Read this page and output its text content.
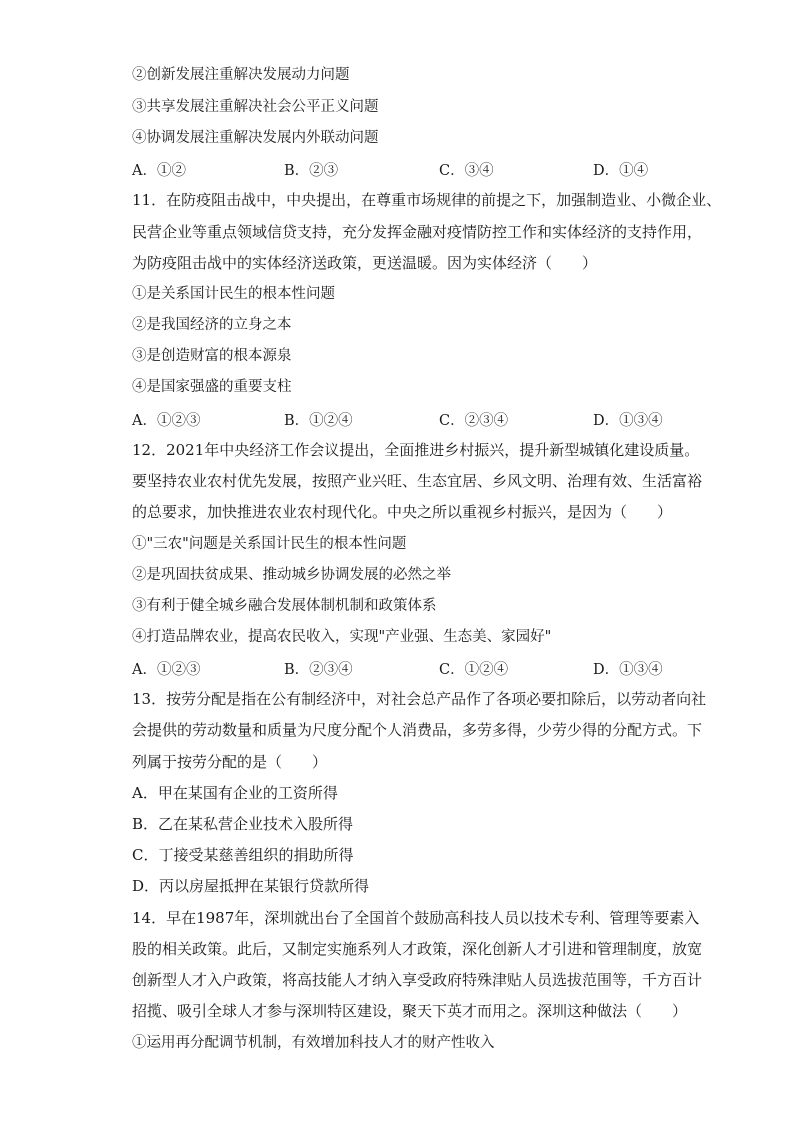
②创新发展注重解决发展动力问题
③共享发展注重解决社会公平正义问题
④协调发展注重解决发展内外联动问题
A．①②	B．②③	C．③④	D．①④
11．在防疫阻击战中，中央提出，在尊重市场规律的前提之下，加强制造业、小微企业、
民营企业等重点领域信贷支持，充分发挥金融对疫情防控工作和实体经济的支持作用，
为防疫阻击战中的实体经济送政策，更送温暖。因为实体经济（　　）
①是关系国计民生的根本性问题
②是我国经济的立身之本
③是创造财富的根本源泉
④是国家强盛的重要支柱
A．①②③	B．①②④	C．②③④	D．①③④
12．2021年中央经济工作会议提出，全面推进乡村振兴，提升新型城镇化建设质量。
要坚持农业农村优先发展，按照产业兴旺、生态宜居、乡风文明、治理有效、生活富裕
的总要求，加快推进农业农村现代化。中央之所以重视乡村振兴，是因为（　　）
①"三农"问题是关系国计民生的根本性问题
②是巩固扶贫成果、推动城乡协调发展的必然之举
③有利于健全城乡融合发展体制机制和政策体系
④打造品牌农业，提高农民收入，实现"产业强、生态美、家园好"
A．①②③	B．②③④	C．①②④	D．①③④
13．按劳分配是指在公有制经济中，对社会总产品作了各项必要扣除后，以劳动者向社
会提供的劳动数量和质量为尺度分配个人消费品，多劳多得，少劳少得的分配方式。下
列属于按劳分配的是（　　）
A．甲在某国有企业的工资所得
B．乙在某私营企业技术入股所得
C．丁接受某慈善组织的捐助所得
D．丙以房屋抵押在某银行贷款所得
14．早在1987年，深圳就出台了全国首个鼓励高科技人员以技术专利、管理等要素入
股的相关政策。此后，又制定实施系列人才政策，深化创新人才引进和管理制度，放宽
创新型人才入户政策，将高技能人才纳入享受政府特殊津贴人员选拔范围等，千方百计
招揽、吸引全球人才参与深圳特区建设，聚天下英才而用之。深圳这种做法（　　）
①运用再分配调节机制，有效增加科技人才的财产性收入
